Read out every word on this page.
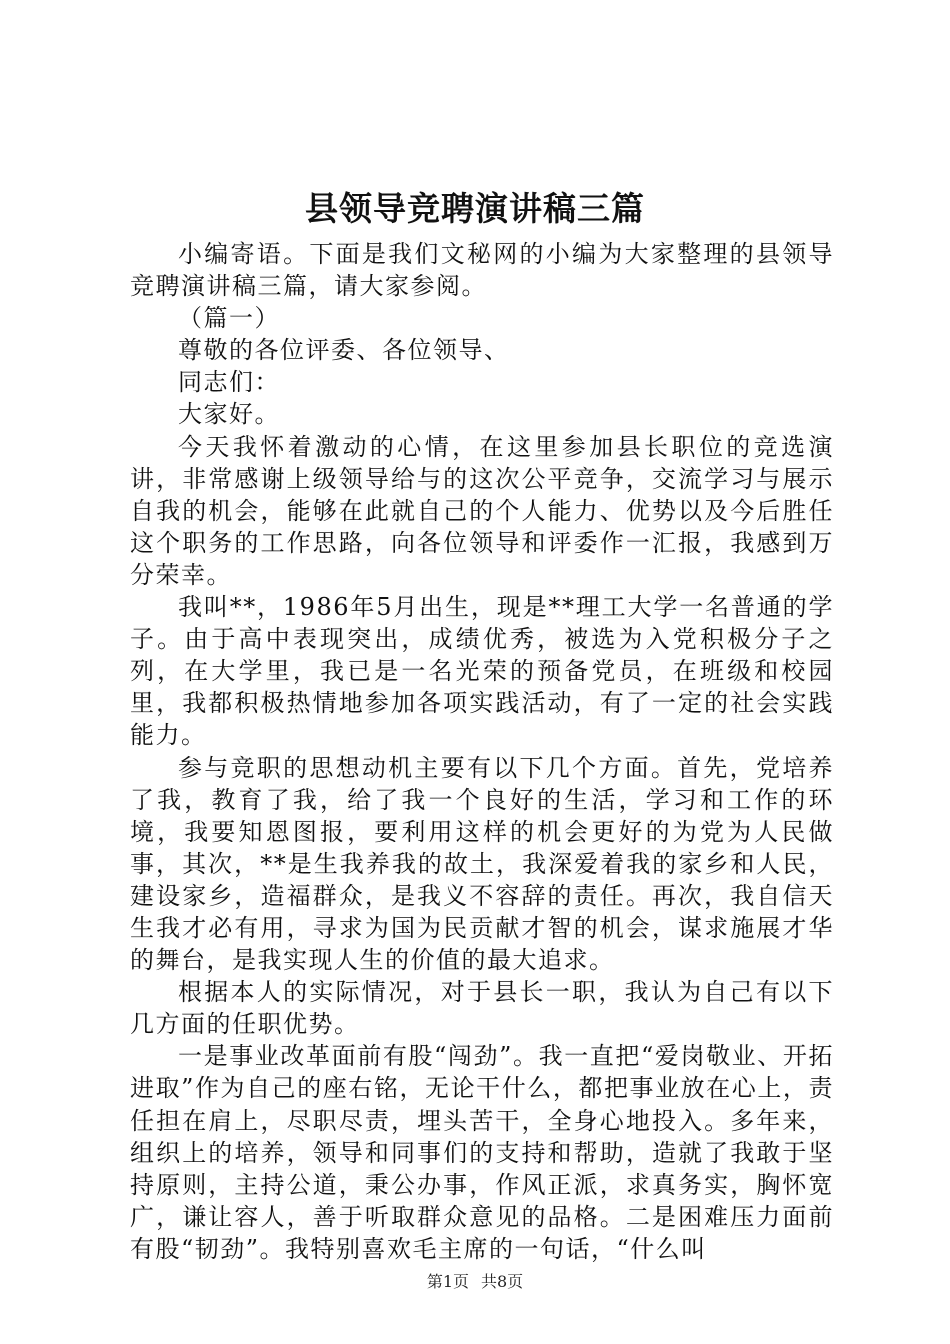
县领导竞聘演讲稿三篇

小编寄语。下面是我们文秘网的小编为大家整理的县领导竞聘演讲稿三篇，请大家参阅。

（篇一）

尊敬的各位评委、各位领导、

同志们：

大家好。

今天我怀着激动的心情，在这里参加县长职位的竞选演讲，非常感谢上级领导给与的这次公平竞争，交流学习与展示自我的机会，能够在此就自己的个人能力、优势以及今后胜任这个职务的工作思路，向各位领导和评委作一汇报，我感到万分荣幸。

我叫**，1986年5月出生，现是**理工大学一名普通的学子。由于高中表现突出，成绩优秀，被选为入党积极分子之列，在大学里，我已是一名光荣的预备党员，在班级和校园里，我都积极热情地参加各项实践活动，有了一定的社会实践能力。

参与竞职的思想动机主要有以下几个方面。首先，党培养了我，教育了我，给了我一个良好的生活，学习和工作的环境，我要知恩图报，要利用这样的机会更好的为党为人民做事，其次，**是生我养我的故土，我深爱着我的家乡和人民，建设家乡，造福群众，是我义不容辞的责任。再次，我自信天生我才必有用，寻求为国为民贡献才智的机会，谋求施展才华的舞台，是我实现人生的价值的最大追求。

根据本人的实际情况，对于县长一职，我认为自己有以下几方面的任职优势。

一是事业改革面前有股“闯劲”。我一直把“爱岗敬业、开拓进取”作为自己的座右铭，无论干什么，都把事业放在心上，责任担在肩上，尽职尽责，埋头苦干，全身心地投入。多年来，组织上的培养，领导和同事们的支持和帮助，造就了我敢于坚持原则，主持公道，秉公办事，作风正派，求真务实，胸怀宽广，谦让容人，善于听取群众意见的品格。二是困难压力面前有股“韧劲”。我特别喜欢毛主席的一句话，“什么叫

第1页 共8页
